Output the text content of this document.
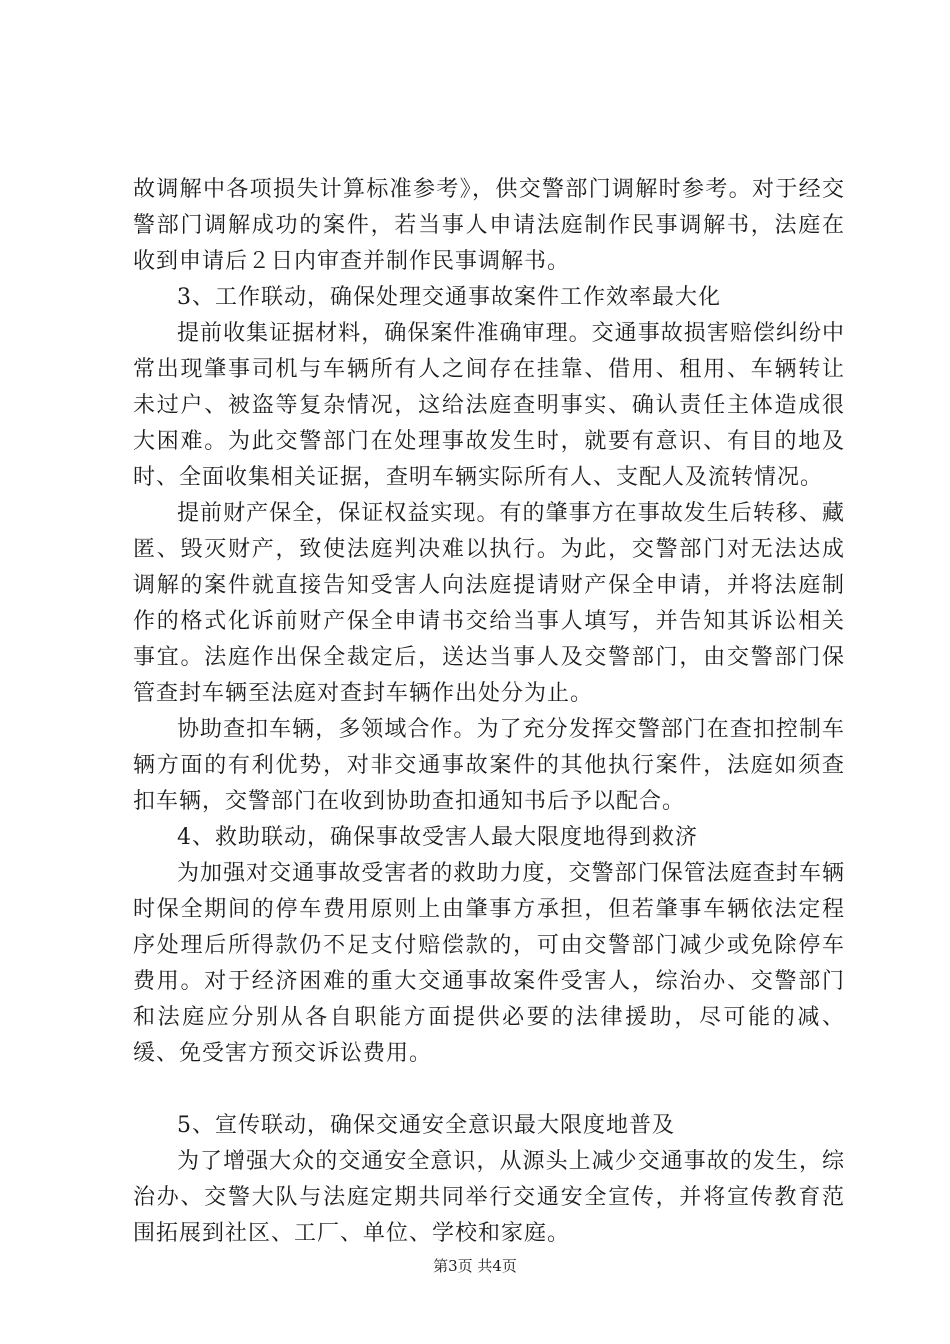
故调解中各项损失计算标准参考》，供交警部门调解时参考。对于经交警部门调解成功的案件，若当事人申请法庭制作民事调解书，法庭在收到申请后２日内审查并制作民事调解书。

3、工作联动，确保处理交通事故案件工作效率最大化

提前收集证据材料，确保案件准确审理。交通事故损害赔偿纠纷中常出现肇事司机与车辆所有人之间存在挂靠、借用、租用、车辆转让未过户、被盗等复杂情况，这给法庭查明事实、确认责任主体造成很大困难。为此交警部门在处理事故发生时，就要有意识、有目的地及时、全面收集相关证据，查明车辆实际所有人、支配人及流转情况。

提前财产保全，保证权益实现。有的肇事方在事故发生后转移、藏匿、毁灭财产，致使法庭判决难以执行。为此，交警部门对无法达成调解的案件就直接告知受害人向法庭提请财产保全申请，并将法庭制作的格式化诉前财产保全申请书交给当事人填写，并告知其诉讼相关事宜。法庭作出保全裁定后，送达当事人及交警部门，由交警部门保管查封车辆至法庭对查封车辆作出处分为止。

协助查扣车辆，多领域合作。为了充分发挥交警部门在查扣控制车辆方面的有利优势，对非交通事故案件的其他执行案件，法庭如须查扣车辆，交警部门在收到协助查扣通知书后予以配合。

4、救助联动，确保事故受害人最大限度地得到救济

为加强对交通事故受害者的救助力度，交警部门保管法庭查封车辆时保全期间的停车费用原则上由肇事方承担，但若肇事车辆依法定程序处理后所得款仍不足支付赔偿款的，可由交警部门减少或免除停车费用。对于经济困难的重大交通事故案件受害人，综治办、交警部门和法庭应分别从各自职能方面提供必要的法律援助，尽可能的减、缓、免受害方预交诉讼费用。

5、宣传联动，确保交通安全意识最大限度地普及

为了增强大众的交通安全意识，从源头上减少交通事故的发生，综治办、交警大队与法庭定期共同举行交通安全宣传，并将宣传教育范围拓展到社区、工厂、单位、学校和家庭。

第3页 共4页
